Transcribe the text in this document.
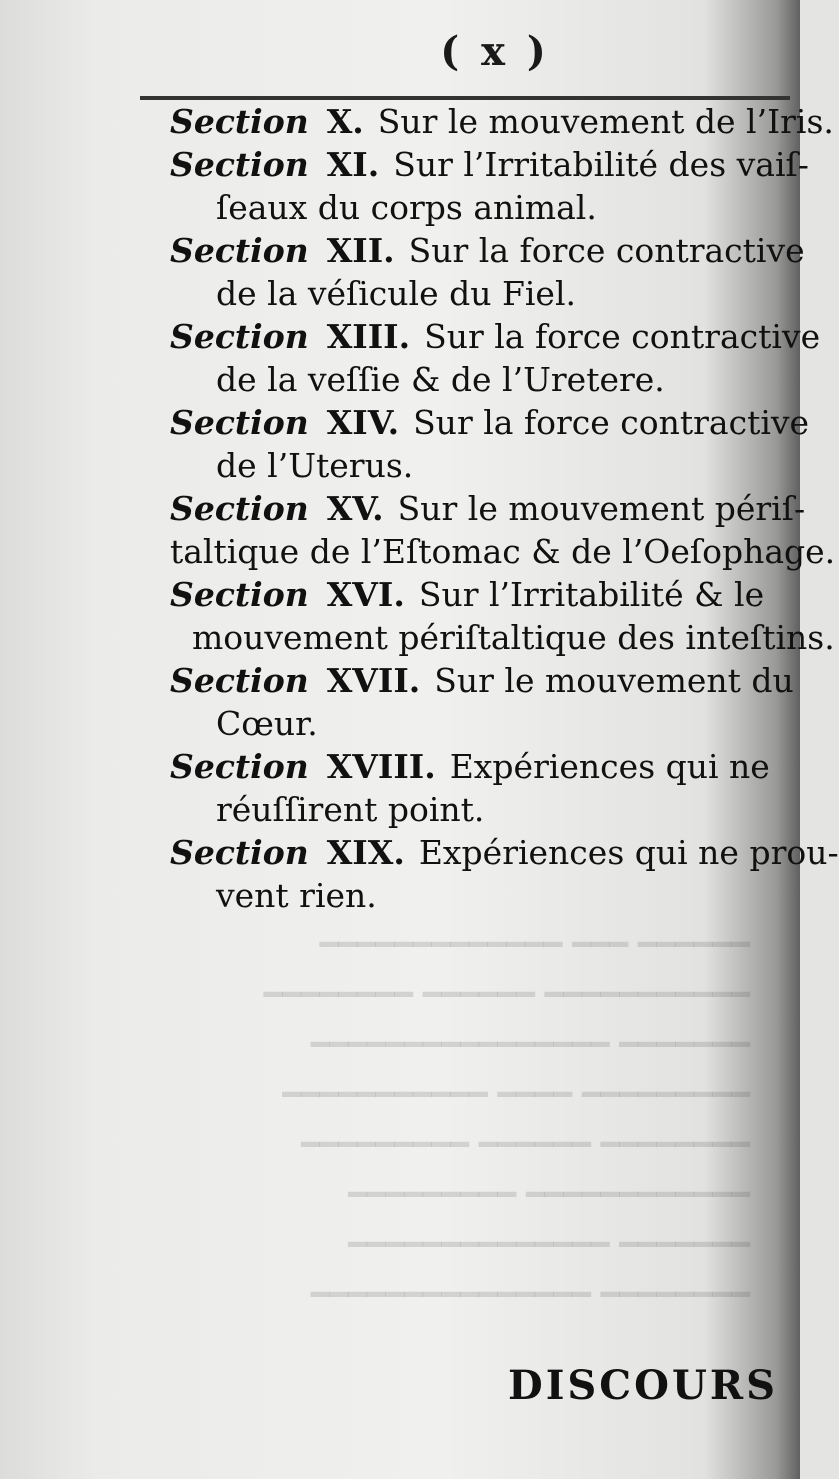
( x )

Section X. Sur le mouvement de l’Iris.

Section XI. Sur l’Irritabilité des vaiſ-
ſeaux du corps animal.

Section XII. Sur la force contractive
de la véſicule du Fiel.

Section XIII. Sur la force contractive
de la veſſie & de l’Uretere.

Section XIV. Sur la force contractive
de l’Uterus.

Section XV. Sur le mouvement périſ-
taltique de l’Eſtomac & de l’Oeſophage.

Section XVI. Sur l’Irritabilité & le
mouvement périſtaltique des inteſtins.

Section XVII. Sur le mouvement du
Cœur.

Section XVIII. Expériences qui ne
réuſſirent point.

Section XIX. Expériences qui ne prou-
vent rien.

━━━━━━ ━━━ ━━━━━━━━━━━━━
━━━━━━━━━━━ ━━━━━━ ━━━━━━━━
━━━━━━━ ━━━━━━━━━━━━━━━━
━━━━━━━━━ ━━━━ ━━━━━━━━━━━
━━━━━━━━ ━━━━━━ ━━━━━━━━━
━━━━━━━━━━━━ ━━━━━━━━━
━━━━━━━ ━━━━━━━━━━━━━━
━━━━━━━━ ━━━━━━━━━━━━━━━
DISCOURS
